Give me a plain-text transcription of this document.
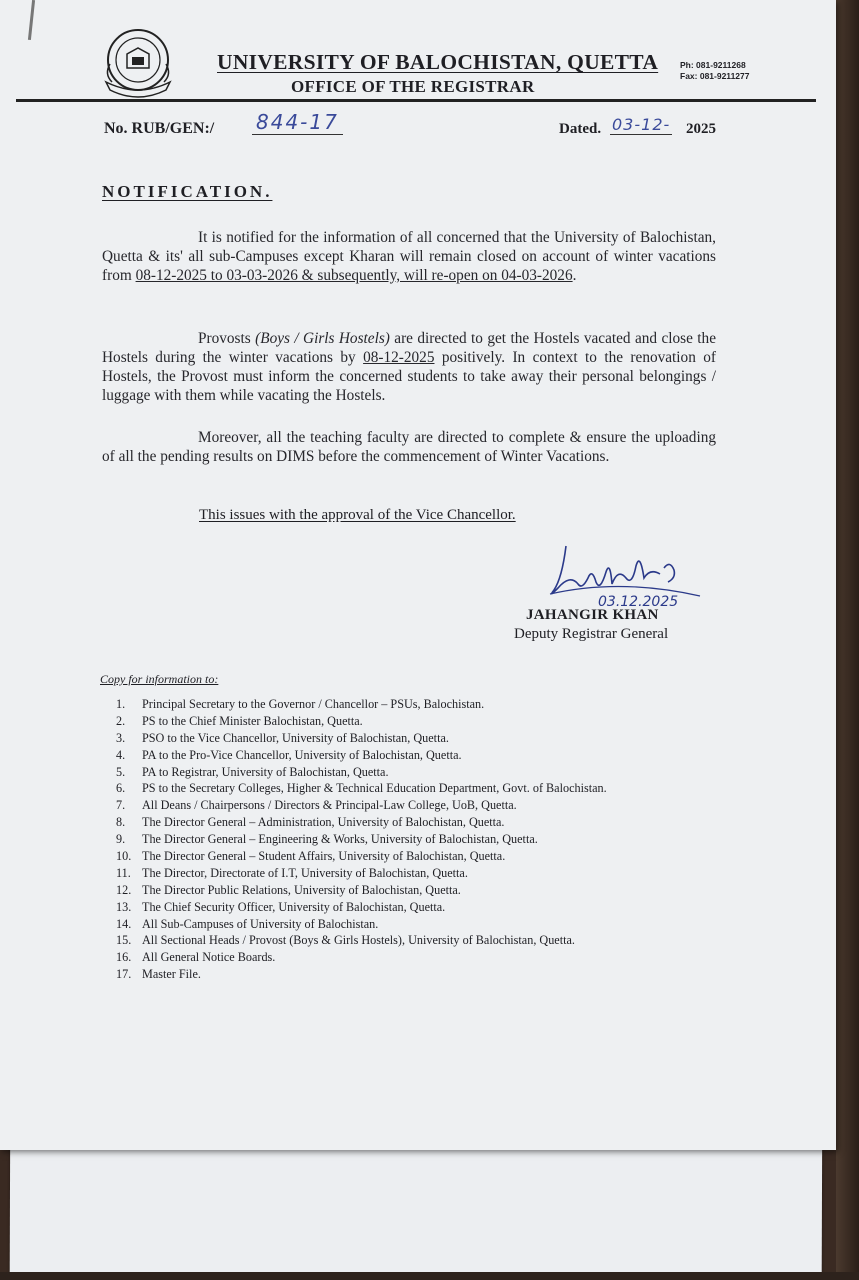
UNIVERSITY OF BALOCHISTAN, QUETTA
OFFICE OF THE REGISTRAR
Ph: 081-9211268
Fax: 081-9211277
No. RUB/GEN:/ 844-17	Dated. 03-12- 2025
NOTIFICATION.

It is notified for the information of all concerned that the University of Balochistan, Quetta & its' all sub-Campuses except Kharan will remain closed on account of winter vacations from 08-12-2025 to 03-03-2026 & subsequently, will re-open on 04-03-2026.

Provosts (Boys / Girls Hostels) are directed to get the Hostels vacated and close the Hostels during the winter vacations by 08-12-2025 positively. In context to the renovation of Hostels, the Provost must inform the concerned students to take away their personal belongings / luggage with them while vacating the Hostels.

Moreover, all the teaching faculty are directed to complete & ensure the uploading of all the pending results on DIMS before the commencement of Winter Vacations.

This issues with the approval of the Vice Chancellor.
03.12.2025
JAHANGIR KHAN
Deputy Registrar General
Copy for information to:
1. Principal Secretary to the Governor / Chancellor – PSUs, Balochistan.
2. PS to the Chief Minister Balochistan, Quetta.
3. PSO to the Vice Chancellor, University of Balochistan, Quetta.
4. PA to the Pro-Vice Chancellor, University of Balochistan, Quetta.
5. PA to Registrar, University of Balochistan, Quetta.
6. PS to the Secretary Colleges, Higher & Technical Education Department, Govt. of Balochistan.
7. All Deans / Chairpersons / Directors & Principal-Law College, UoB, Quetta.
8. The Director General – Administration, University of Balochistan, Quetta.
9. The Director General – Engineering & Works, University of Balochistan, Quetta.
10. The Director General – Student Affairs, University of Balochistan, Quetta.
11. The Director, Directorate of I.T, University of Balochistan, Quetta.
12. The Director Public Relations, University of Balochistan, Quetta.
13. The Chief Security Officer, University of Balochistan, Quetta.
14. All Sub-Campuses of University of Balochistan.
15. All Sectional Heads / Provost (Boys & Girls Hostels), University of Balochistan, Quetta.
16. All General Notice Boards.
17. Master File.
